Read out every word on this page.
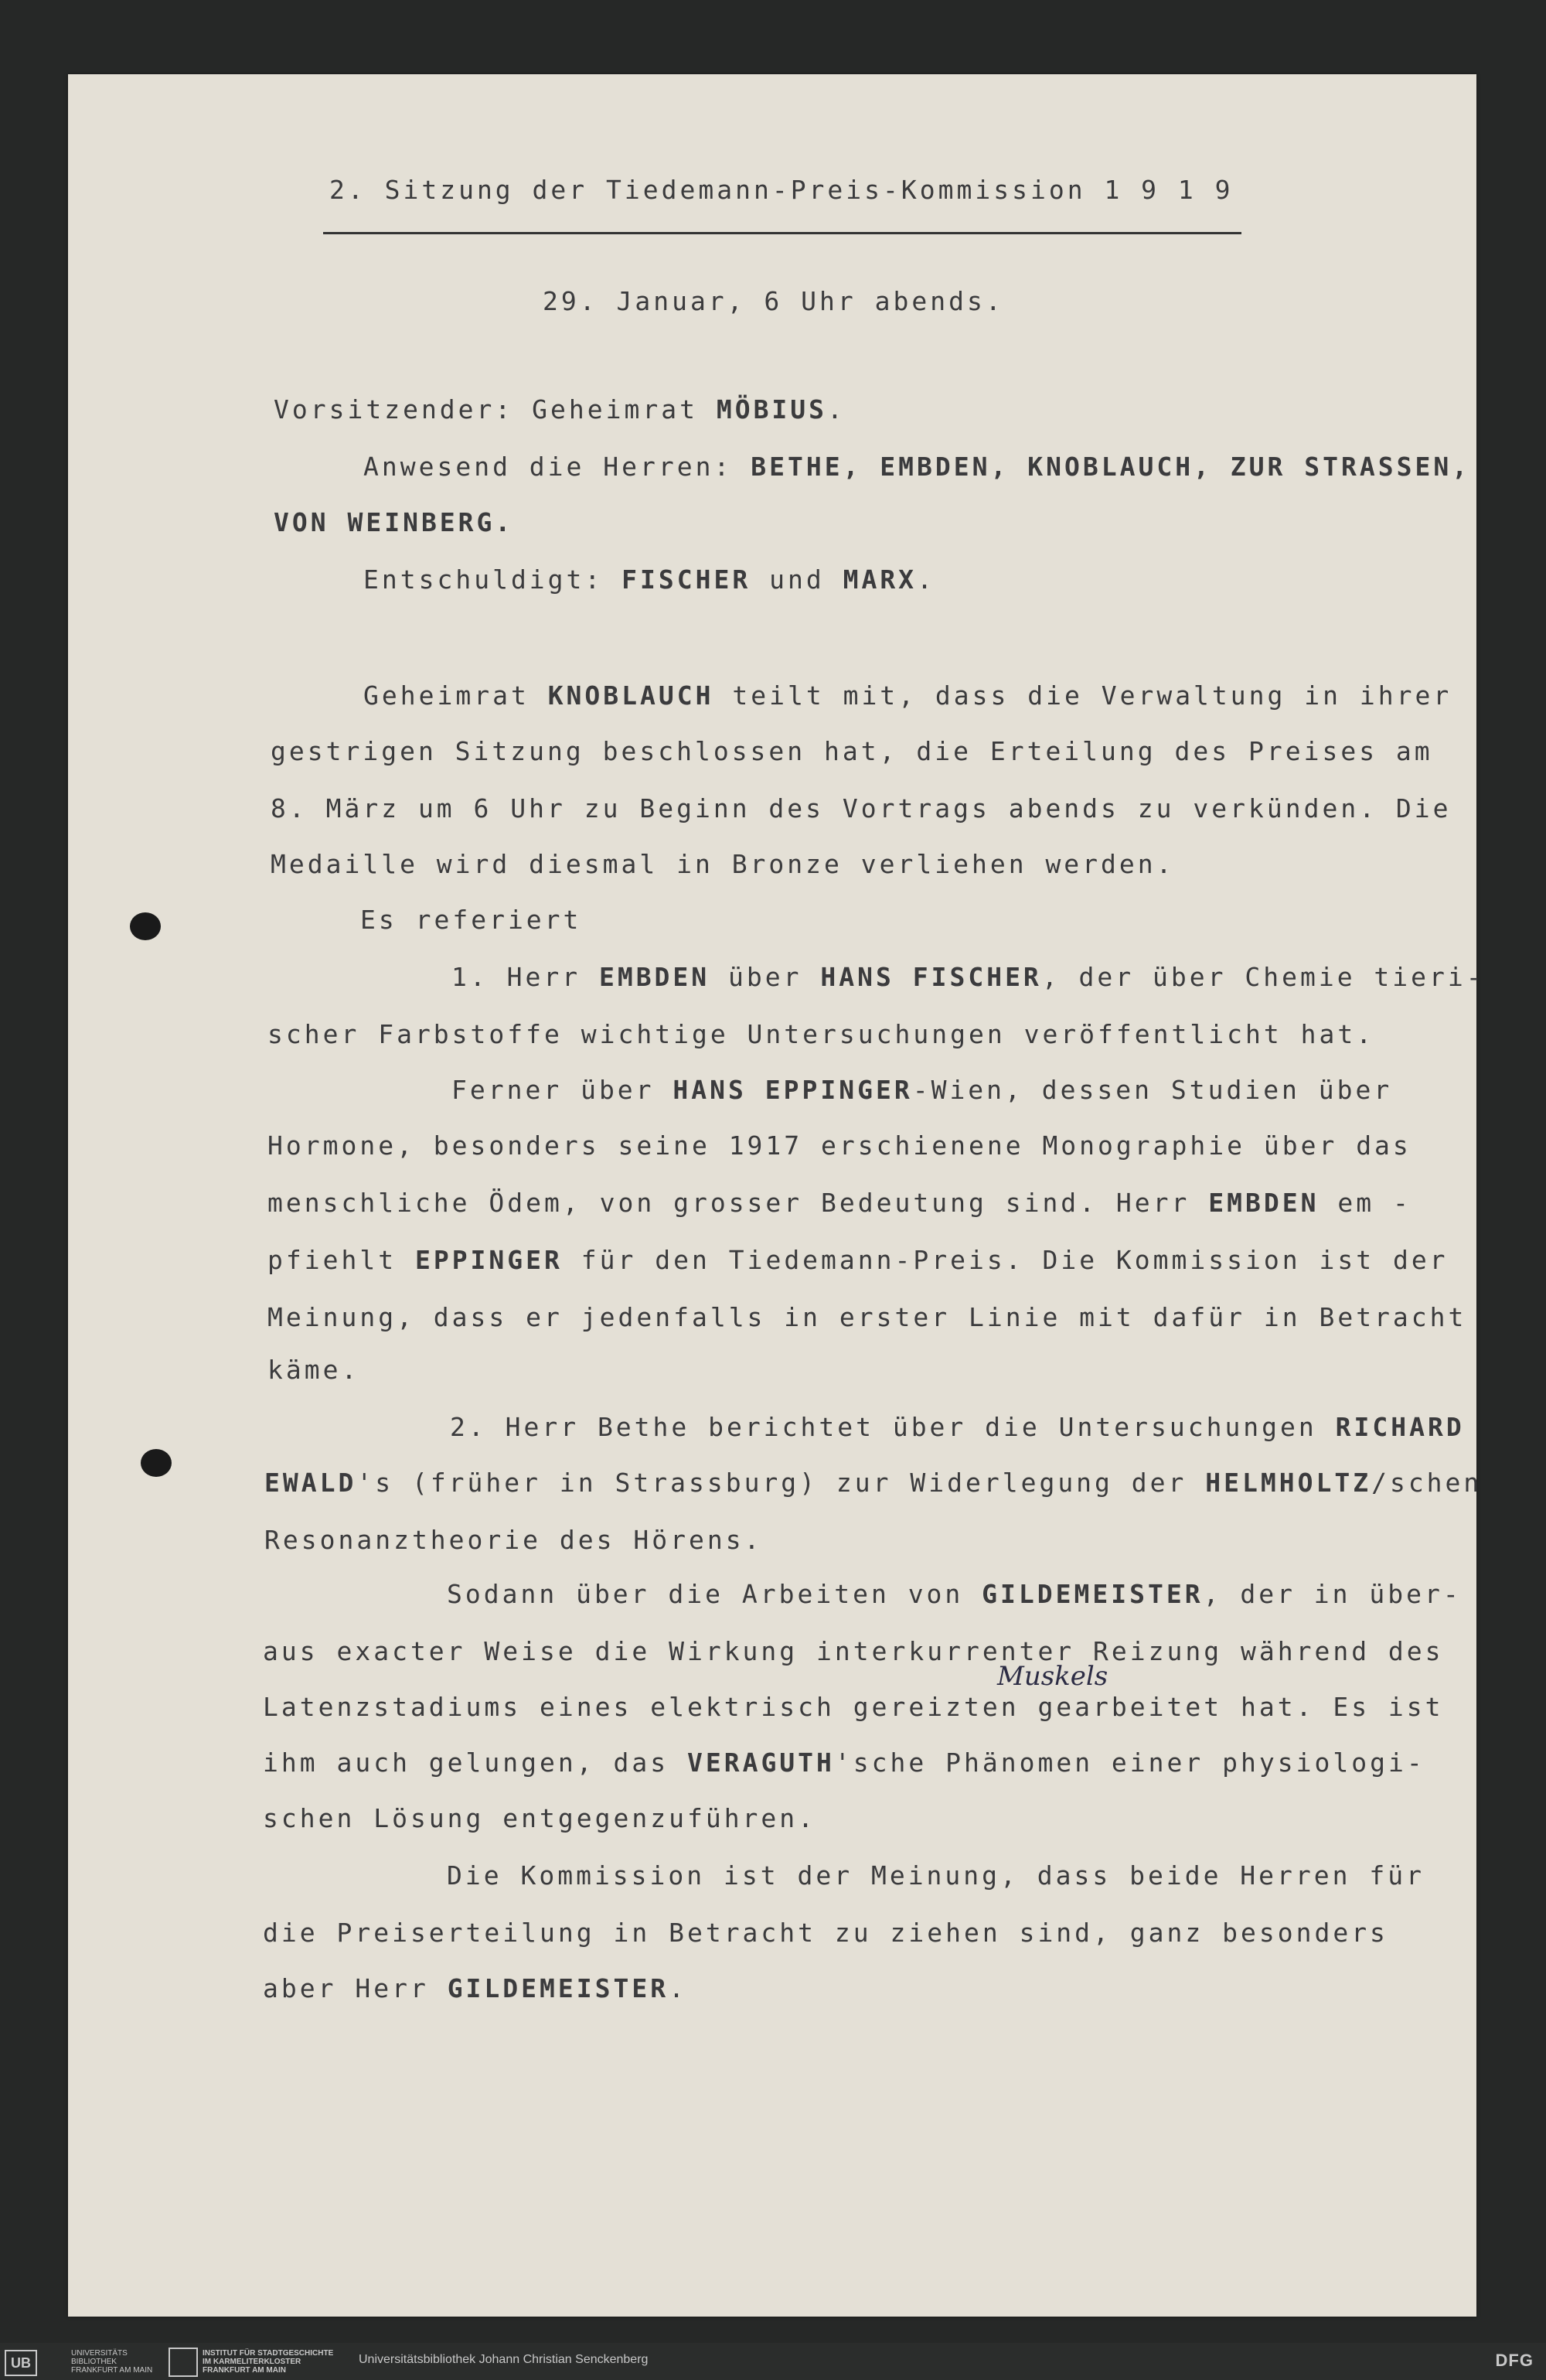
2. Sitzung der Tiedemann-Preis-Kommission 1 9 1 9
29. Januar, 6 Uhr abends.
Vorsitzender: Geheimrat MÖBIUS.
Anwesend die Herren: BETHE, EMBDEN, KNOBLAUCH, ZUR STRASSEN,
VON WEINBERG.
Entschuldigt: FISCHER und MARX.
Geheimrat KNOBLAUCH teilt mit, dass die Verwaltung in ihrer
gestrigen Sitzung beschlossen hat, die Erteilung des Preises am
8. März um 6 Uhr zu Beginn des Vortrags abends zu verkünden. Die
Medaille wird diesmal in Bronze verliehen werden.
Es referiert
1. Herr EMBDEN über HANS FISCHER, der über Chemie tieri-
scher Farbstoffe wichtige Untersuchungen veröffentlicht hat.
Ferner über HANS EPPINGER-Wien, dessen Studien über
Hormone, besonders seine 1917 erschienene Monographie über das
menschliche Ödem, von grosser Bedeutung sind. Herr EMBDEN em -
pfiehlt EPPINGER für den Tiedemann-Preis. Die Kommission ist der
Meinung, dass er jedenfalls in erster Linie mit dafür in Betracht
käme.
2. Herr Bethe berichtet über die Untersuchungen RICHARD
EWALD's (früher in Strassburg) zur Widerlegung der HELMHOLTZ/schen
Resonanztheorie des Hörens.
Sodann über die Arbeiten von GILDEMEISTER, der in über-
aus exacter Weise die Wirkung interkurrenter Reizung während des
Latenzstadiums eines elektrisch gereizten gearbeitet hat. Es ist
ihm auch gelungen, das VERAGUTH'sche Phänomen einer physiologi-
schen Lösung entgegenzuführen.
Die Kommission ist der Meinung, dass beide Herren für
die Preiserteilung in Betracht zu ziehen sind, ganz besonders
aber Herr GILDEMEISTER.
Muskels
UB
UNIVERSITÄTS BIBLIOTHEK FRANKFURT AM MAIN
INSTITUT FÜR STADTGESCHICHTE IM KARMELITERKLOSTER FRANKFURT AM MAIN
Universitätsbibliothek Johann Christian Senckenberg	DFG
